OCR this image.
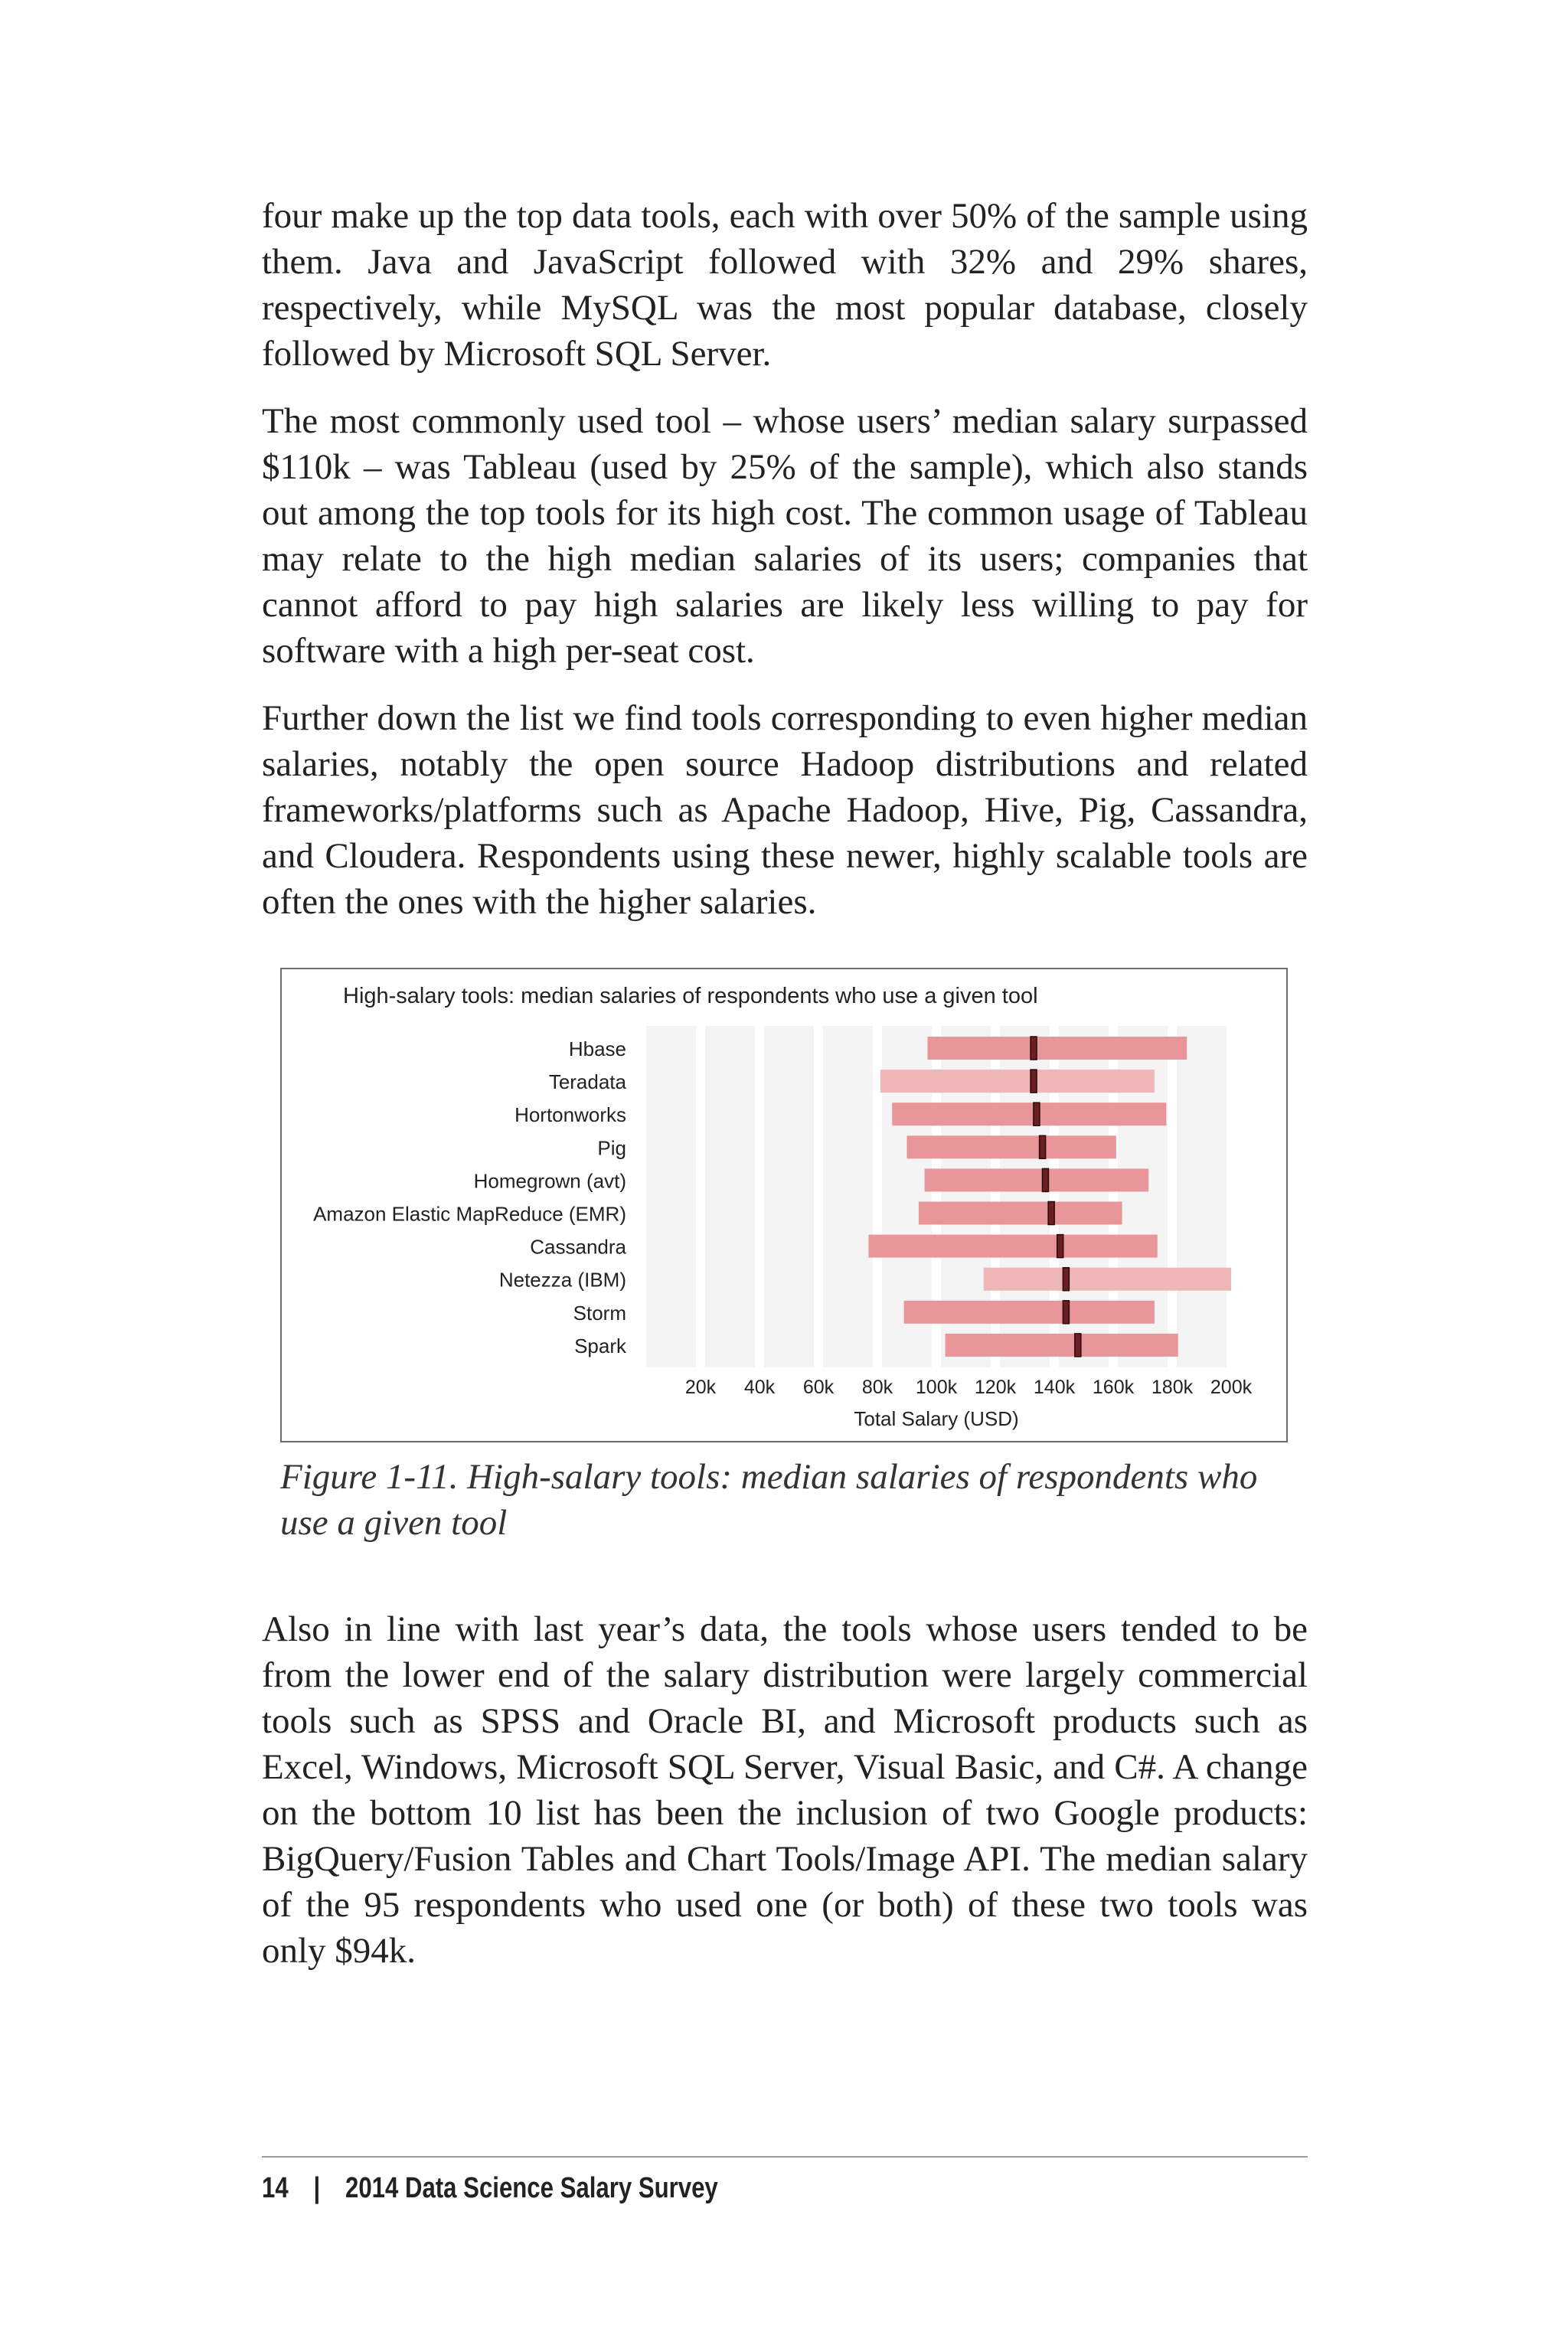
four make up the top data tools, each with over 50% of the sample using them. Java and JavaScript followed with 32% and 29% shares, respectively, while MySQL was the most popular database, closely followed by Microsoft SQL Server.

The most commonly used tool – whose users’ median salary surpassed $110k – was Tableau (used by 25% of the sample), which also stands out among the top tools for its high cost. The common usage of Tableau may relate to the high median salaries of its users; companies that cannot afford to pay high salaries are likely less willing to pay for software with a high per-seat cost.

Further down the list we find tools corresponding to even higher median salaries, notably the open source Hadoop distributions and related frameworks/platforms such as Apache Hadoop, Hive, Pig, Cassandra, and Cloudera. Respondents using these newer, highly scalable tools are often the ones with the higher salaries.

High-salary tools: median salaries of respondents who use a given tool
Hbase
Teradata
Hortonworks
Pig
Homegrown (avt)
Amazon Elastic MapReduce (EMR)
Cassandra
Netezza (IBM)
Storm
Spark
20k 40k 60k 80k 100k 120k 140k 160k 180k 200k
Total Salary (USD)

Figure 1-11. High-salary tools: median salaries of respondents who use a given tool

Also in line with last year’s data, the tools whose users tended to be from the lower end of the salary distribution were largely commercial tools such as SPSS and Oracle BI, and Microsoft products such as Excel, Windows, Microsoft SQL Server, Visual Basic, and C#. A change on the bottom 10 list has been the inclusion of two Google products: BigQuery/Fusion Tables and Chart Tools/Image API. The median salary of the 95 respondents who used one (or both) of these two tools was only $94k.

14 | 2014 Data Science Salary Survey
